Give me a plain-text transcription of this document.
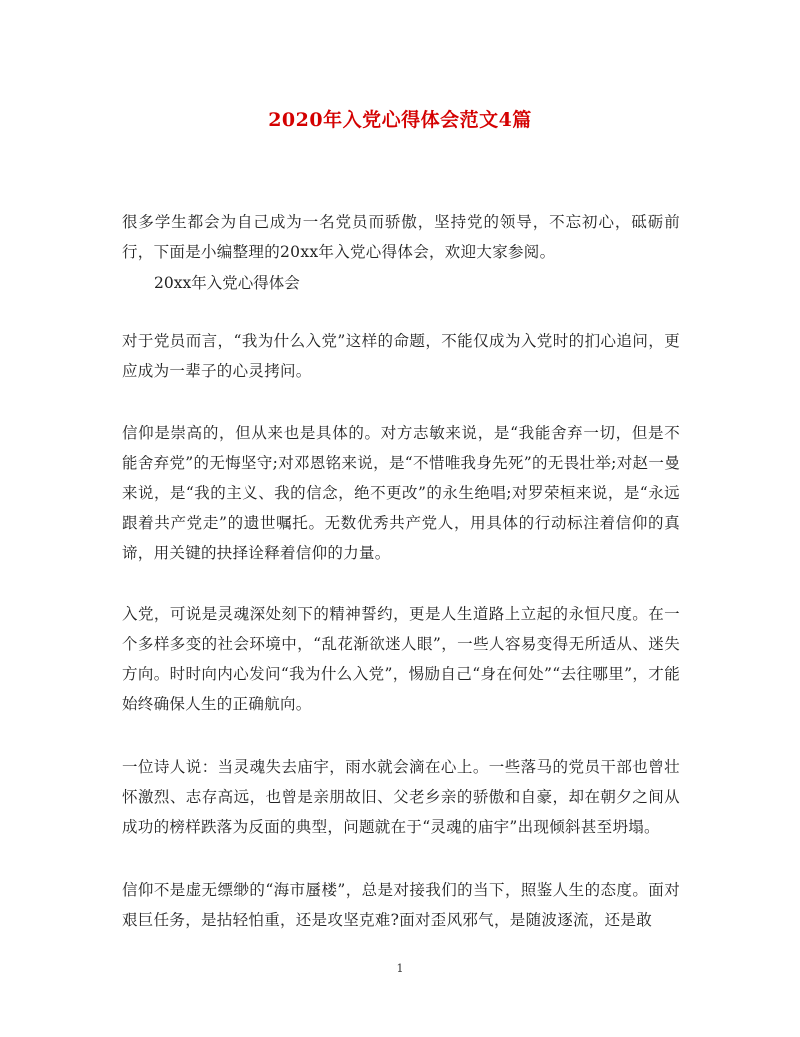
2020年入党心得体会范文4篇

很多学生都会为自己成为一名党员而骄傲，坚持党的领导，不忘初心，砥砺前行，下面是小编整理的20xx年入党心得体会，欢迎大家参阅。

20xx年入党心得体会

对于党员而言，“我为什么入党”这样的命题，不能仅成为入党时的扪心追问，更应成为一辈子的心灵拷问。

信仰是崇高的，但从来也是具体的。对方志敏来说，是“我能舍弃一切，但是不能舍弃党”的无悔坚守;对邓恩铭来说，是“不惜唯我身先死”的无畏壮举;对赵一曼来说，是“我的主义、我的信念，绝不更改”的永生绝唱;对罗荣桓来说，是“永远跟着共产党走”的遗世嘱托。无数优秀共产党人，用具体的行动标注着信仰的真谛，用关键的抉择诠释着信仰的力量。

入党，可说是灵魂深处刻下的精神誓约，更是人生道路上立起的永恒尺度。在一个多样多变的社会环境中，“乱花渐欲迷人眼”，一些人容易变得无所适从、迷失方向。时时向内心发问“我为什么入党”，惕励自己“身在何处”“去往哪里”，才能始终确保人生的正确航向。

一位诗人说：当灵魂失去庙宇，雨水就会滴在心上。一些落马的党员干部也曾壮怀激烈、志存高远，也曾是亲朋故旧、父老乡亲的骄傲和自豪，却在朝夕之间从成功的榜样跌落为反面的典型，问题就在于“灵魂的庙宇”出现倾斜甚至坍塌。

信仰不是虚无缥缈的“海市蜃楼”，总是对接我们的当下，照鉴人生的态度。面对艰巨任务，是拈轻怕重，还是攻坚克难?面对歪风邪气，是随波逐流，还是敢

1
